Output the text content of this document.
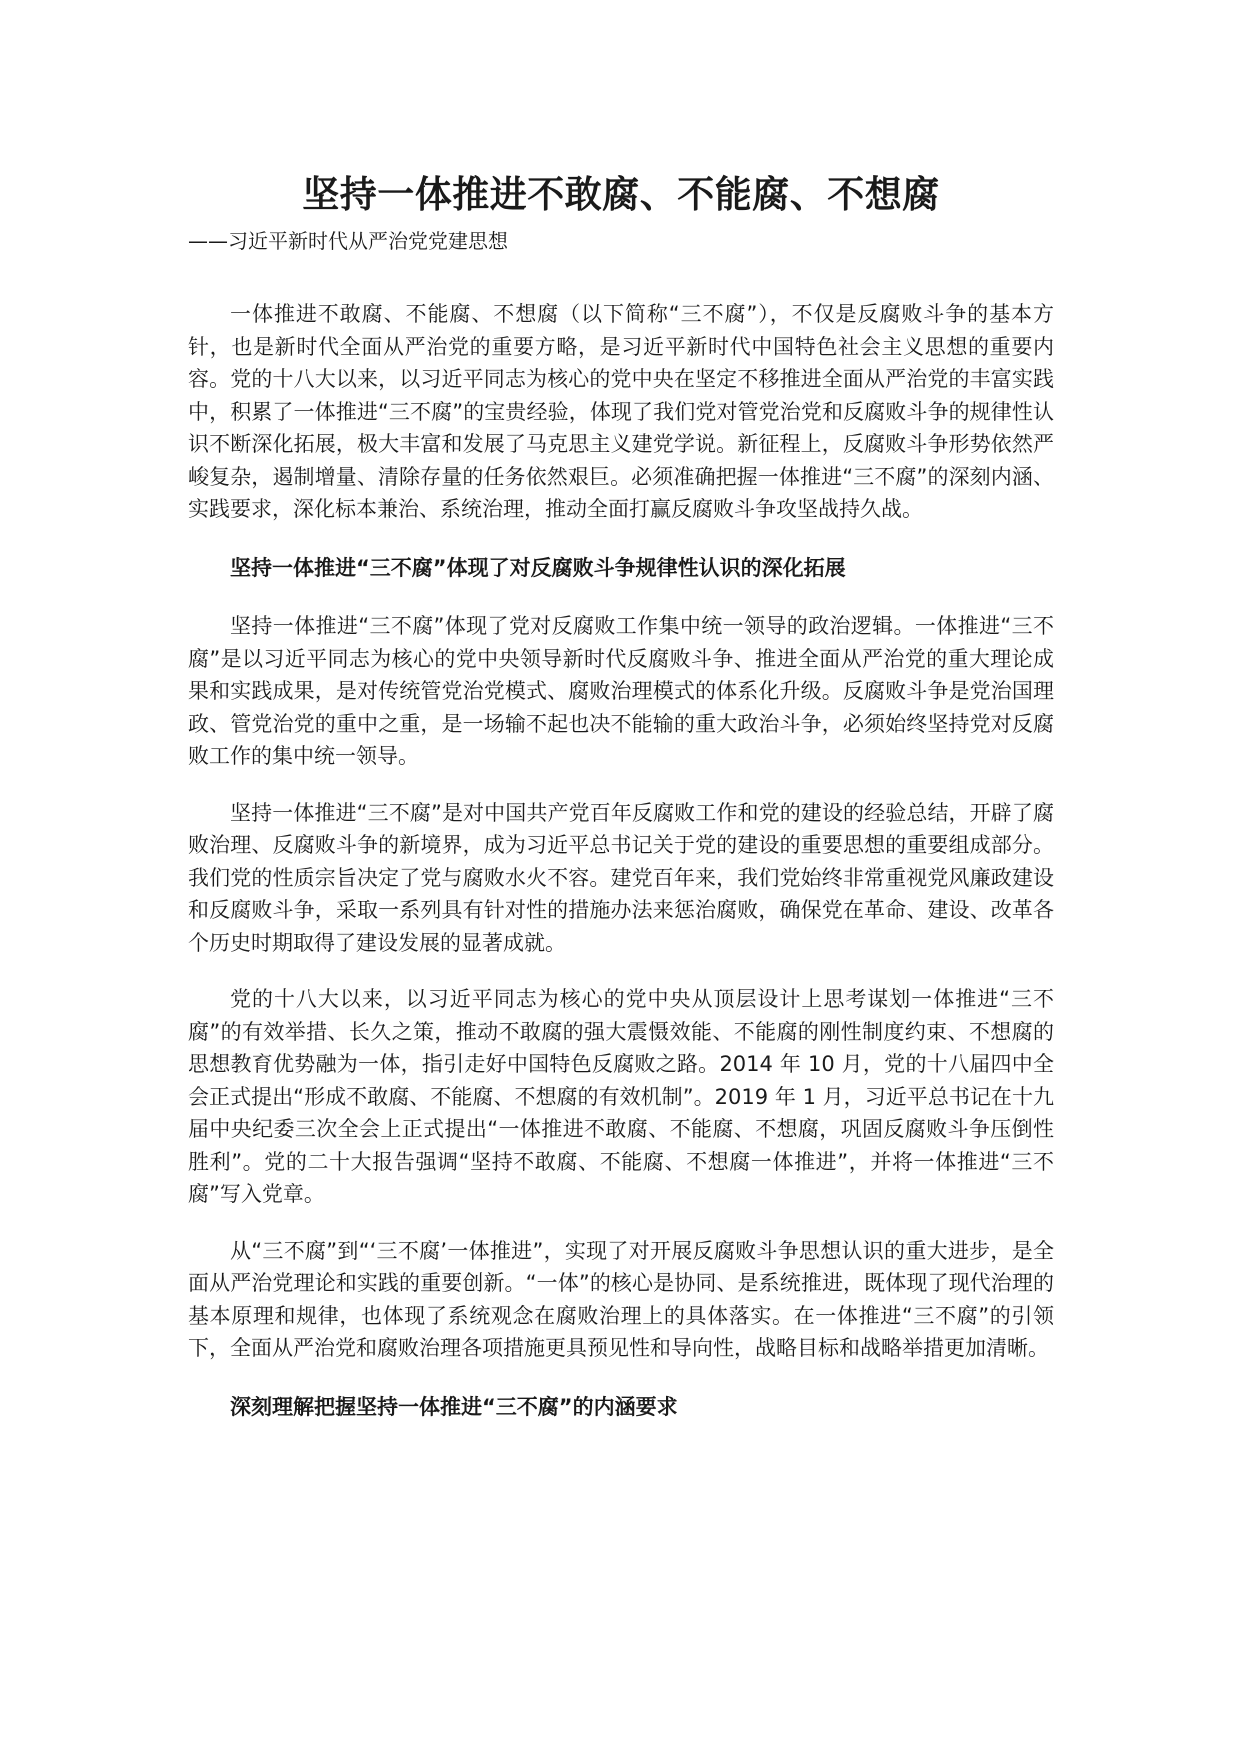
坚持一体推进不敢腐、不能腐、不想腐

——习近平新时代从严治党党建思想

一体推进不敢腐、不能腐、不想腐（以下简称“三不腐”），不仅是反腐败斗争的基本方针，也是新时代全面从严治党的重要方略，是习近平新时代中国特色社会主义思想的重要内容。党的十八大以来，以习近平同志为核心的党中央在坚定不移推进全面从严治党的丰富实践中，积累了一体推进“三不腐”的宝贵经验，体现了我们党对管党治党和反腐败斗争的规律性认识不断深化拓展，极大丰富和发展了马克思主义建党学说。新征程上，反腐败斗争形势依然严峻复杂，遏制增量、清除存量的任务依然艰巨。必须准确把握一体推进“三不腐”的深刻内涵、实践要求，深化标本兼治、系统治理，推动全面打赢反腐败斗争攻坚战持久战。

坚持一体推进“三不腐”体现了对反腐败斗争规律性认识的深化拓展

坚持一体推进“三不腐”体现了党对反腐败工作集中统一领导的政治逻辑。一体推进“三不腐”是以习近平同志为核心的党中央领导新时代反腐败斗争、推进全面从严治党的重大理论成果和实践成果，是对传统管党治党模式、腐败治理模式的体系化升级。反腐败斗争是党治国理政、管党治党的重中之重，是一场输不起也决不能输的重大政治斗争，必须始终坚持党对反腐败工作的集中统一领导。

坚持一体推进“三不腐”是对中国共产党百年反腐败工作和党的建设的经验总结，开辟了腐败治理、反腐败斗争的新境界，成为习近平总书记关于党的建设的重要思想的重要组成部分。我们党的性质宗旨决定了党与腐败水火不容。建党百年来，我们党始终非常重视党风廉政建设和反腐败斗争，采取一系列具有针对性的措施办法来惩治腐败，确保党在革命、建设、改革各个历史时期取得了建设发展的显著成就。

党的十八大以来，以习近平同志为核心的党中央从顶层设计上思考谋划一体推进“三不腐”的有效举措、长久之策，推动不敢腐的强大震慑效能、不能腐的刚性制度约束、不想腐的思想教育优势融为一体，指引走好中国特色反腐败之路。2014 年 10 月，党的十八届四中全会正式提出“形成不敢腐、不能腐、不想腐的有效机制”。2019 年 1 月，习近平总书记在十九届中央纪委三次全会上正式提出“一体推进不敢腐、不能腐、不想腐，巩固反腐败斗争压倒性胜利”。党的二十大报告强调“坚持不敢腐、不能腐、不想腐一体推进”，并将一体推进“三不腐”写入党章。

从“三不腐”到“‘三不腐’一体推进”，实现了对开展反腐败斗争思想认识的重大进步，是全面从严治党理论和实践的重要创新。“一体”的核心是协同、是系统推进，既体现了现代治理的基本原理和规律，也体现了系统观念在腐败治理上的具体落实。在一体推进“三不腐”的引领下，全面从严治党和腐败治理各项措施更具预见性和导向性，战略目标和战略举措更加清晰。

深刻理解把握坚持一体推进“三不腐”的内涵要求
